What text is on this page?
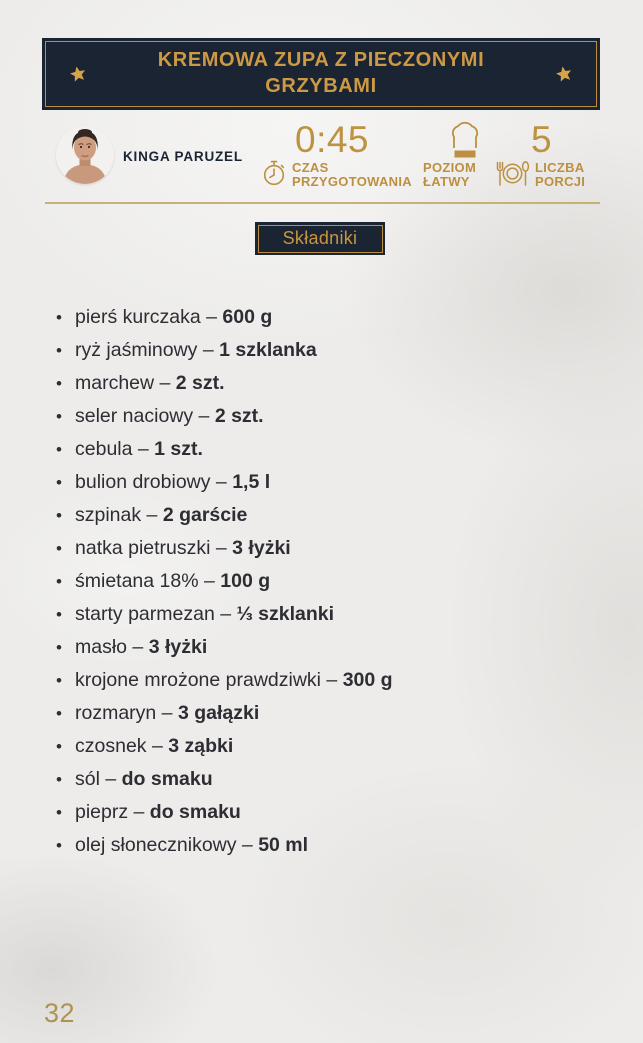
KREMOWA ZUPA Z PIECZONYMI GRZYBAMI
KINGA PARUZEL 0:45
CZAS
PRZYGOTOWANIA
POZIOM
ŁATWY
5
LICZBA
PORCJI
Składniki
• pierś kurczaka – 600 g
• ryż jaśminowy – 1 szklanka
• marchew – 2 szt.
• seler naciowy – 2 szt.
• cebula – 1 szt.
• bulion drobiowy – 1,5 l
• szpinak – 2 garście
• natka pietruszki – 3 łyżki
• śmietana 18% – 100 g
• starty parmezan – ⅓ szklanki
• masło – 3 łyżki
• krojone mrożone prawdziwki – 300 g
• rozmaryn – 3 gałązki
• czosnek – 3 ząbki
• sól – do smaku
• pieprz – do smaku
• olej słonecznikowy – 50 ml
32
